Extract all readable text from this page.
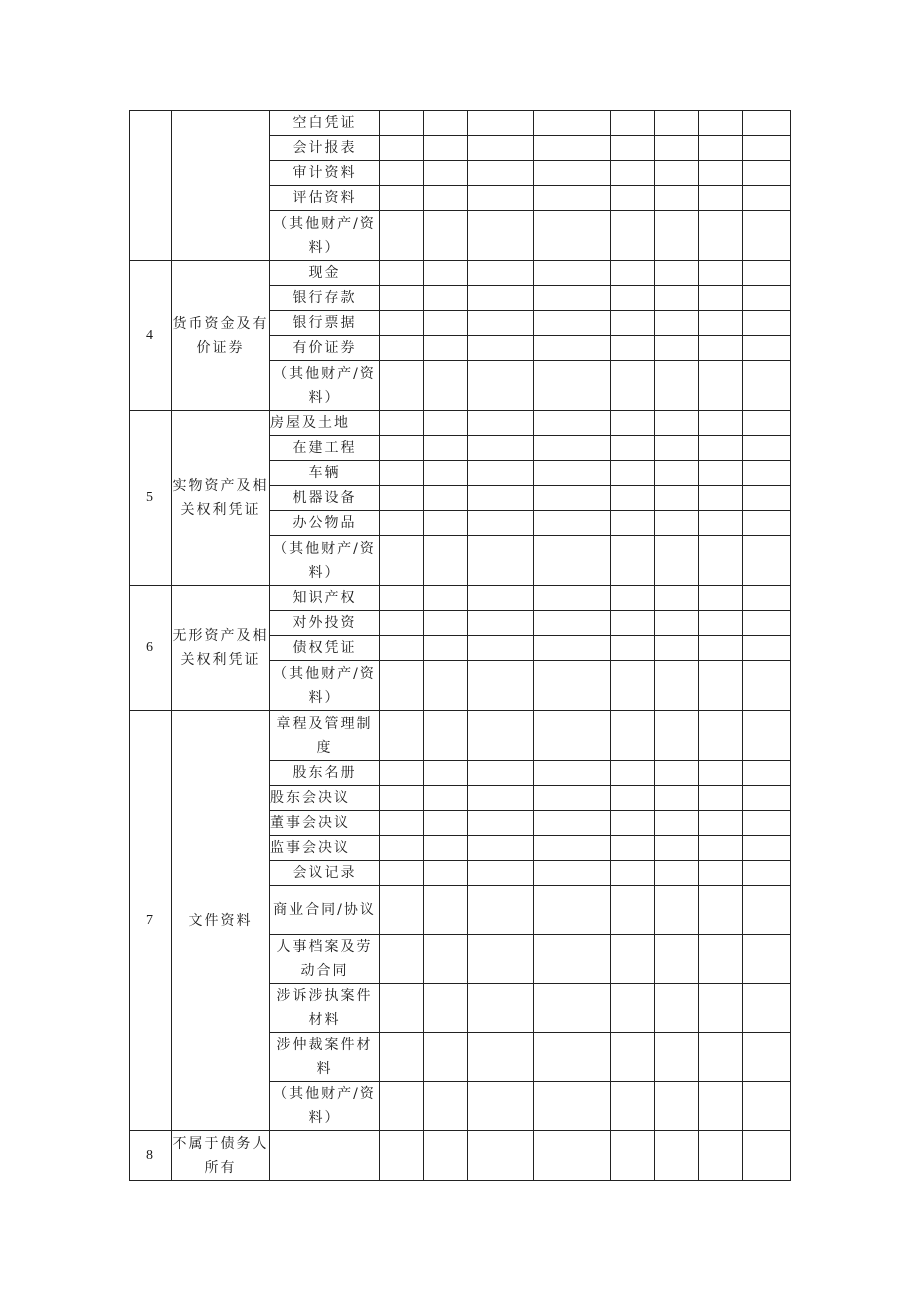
		空白凭证								

		会计报表								

		审计资料								

		评估资料								

		（其他财产/资料）								

4	货币资金及有价证券	现金								

		银行存款								

		银行票据								

		有价证券								

		（其他财产/资料）								

5	实物资产及相关权利凭证	房屋及土地								

		在建工程								

		车辆								

		机器设备								

		办公物品								

		（其他财产/资料）								

6	无形资产及相关权利凭证	知识产权								

		对外投资								

		债权凭证								

		（其他财产/资料）								

7	文件资料	章程及管理制度								

		股东名册								

		股东会决议								

		董事会决议								

		监事会决议								

		会议记录								

		商业合同/协议								

		人事档案及劳动合同								

		涉诉涉执案件材料								

		涉仲裁案件材料								

		（其他财产/资料）								

8	不属于债务人所有	
